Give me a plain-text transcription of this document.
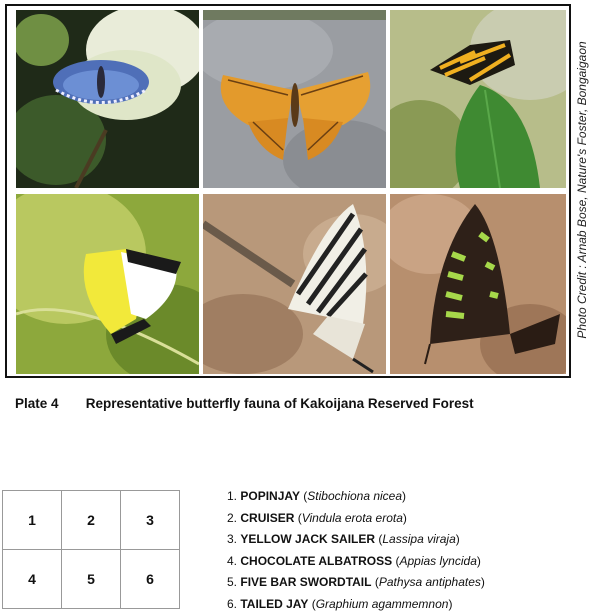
Photo Credit : Arnab Bose, Nature's Foster, Bongaigaon
Plate 4 Representative butterfly fauna of Kakoijana Reserved Forest
1	2	3
4	5	6
1. POPINJAY (Stibochiona nicea)
2. CRUISER (Vindula erota erota)
3. YELLOW JACK SAILER (Lassipa viraja)
4. CHOCOLATE ALBATROSS (Appias lyncida)
5. FIVE BAR SWORDTAIL (Pathysa antiphates)
6. TAILED JAY (Graphium agammemnon)
